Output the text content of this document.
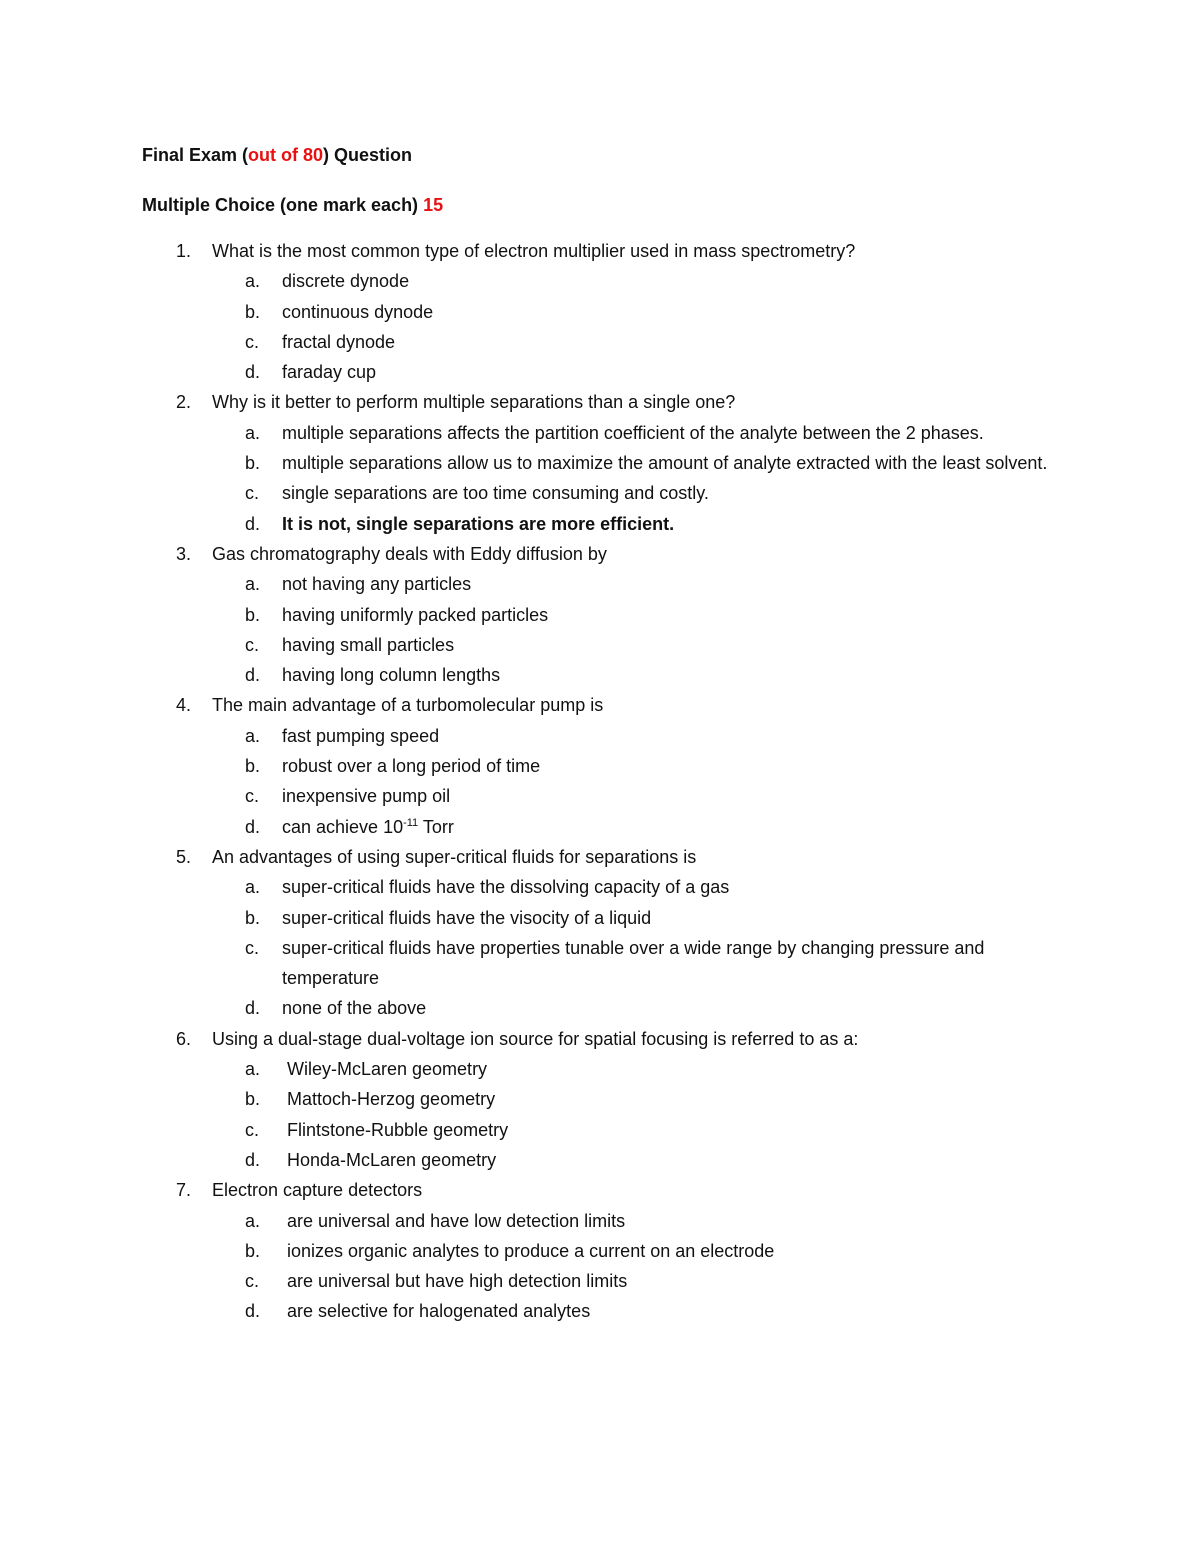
Final Exam (out of 80) Question
Multiple Choice (one mark each) 15
1.	What is the most common type of electron multiplier used in mass spectrometry?
a.	discrete dynode
b.	continuous dynode
c.	fractal dynode
d.	faraday cup
2.	Why is it better to perform multiple separations than a single one?
a.	multiple separations affects the partition coefficient of the analyte between the 2 phases.
b.	multiple separations allow us to maximize the amount of analyte extracted with the least solvent.
c.	single separations are too time consuming and costly.
d.	It is not, single separations are more efficient.
3.	Gas chromatography deals with Eddy diffusion by
a.	not having any particles
b.	having uniformly packed particles
c.	having small particles
d.	having long column lengths
4.	The main advantage of a turbomolecular pump is
a.	fast pumping speed
b.	robust over a long period of time
c.	inexpensive pump oil
d.	can achieve $10^{-11}$ Torr
5.	An advantages of using super-critical fluids for separations is
a.	super-critical fluids have the dissolving capacity of a gas
b.	super-critical fluids have the visocity of a liquid
c.	super-critical fluids have properties tunable over a wide range by changing pressure and temperature
d.	none of the above
6.	Using a dual-stage dual-voltage ion source for spatial focusing is referred to as a:
a.	Wiley-McLaren geometry
b.	Mattoch-Herzog geometry
c.	Flintstone-Rubble geometry
d.	Honda-McLaren geometry
7.	Electron capture detectors
a.	are universal and have low detection limits
b.	ionizes organic analytes to produce a current on an electrode
c.	are universal but have high detection limits
d.	are selective for halogenated analytes
